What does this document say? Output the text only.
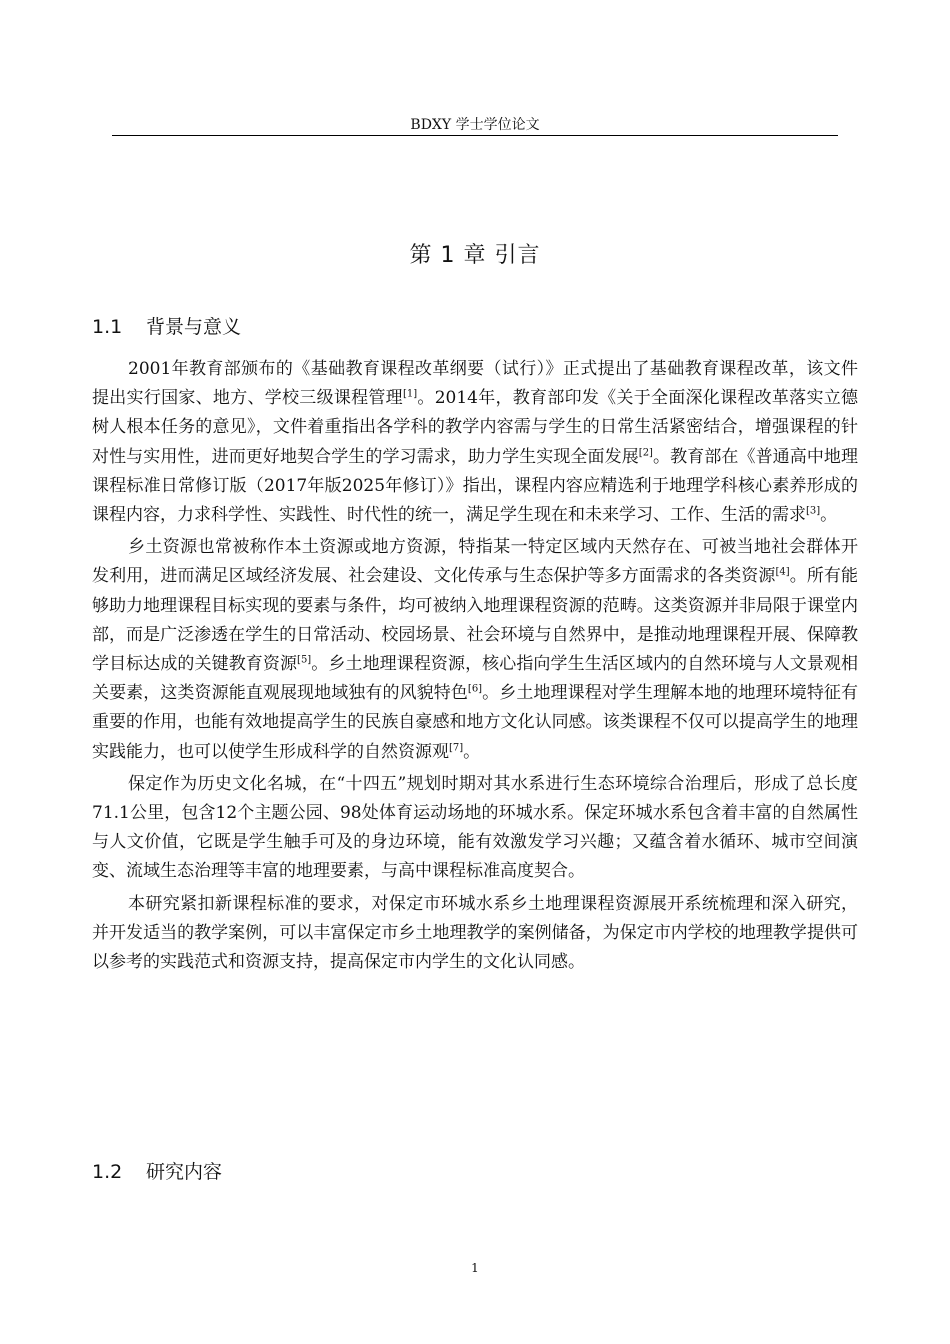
BDXY 学士学位论文
第 1 章 引言
1.1 背景与意义

2001年教育部颁布的《基础教育课程改革纲要（试行）》正式提出了基础教育课程改革，该文件提出实行国家、地方、学校三级课程管理[1]。2014年，教育部印发《关于全面深化课程改革落实立德树人根本任务的意见》，文件着重指出各学科的教学内容需与学生的日常生活紧密结合，增强课程的针对性与实用性，进而更好地契合学生的学习需求，助力学生实现全面发展[2]。教育部在《普通高中地理课程标准日常修订版（2017年版2025年修订）》指出，课程内容应精选利于地理学科核心素养形成的课程内容，力求科学性、实践性、时代性的统一，满足学生现在和未来学习、工作、生活的需求[3]。

乡土资源也常被称作本土资源或地方资源，特指某一特定区域内天然存在、可被当地社会群体开发利用，进而满足区域经济发展、社会建设、文化传承与生态保护等多方面需求的各类资源[4]。所有能够助力地理课程目标实现的要素与条件，均可被纳入地理课程资源的范畴。这类资源并非局限于课堂内部，而是广泛渗透在学生的日常活动、校园场景、社会环境与自然界中，是推动地理课程开展、保障教学目标达成的关键教育资源[5]。乡土地理课程资源，核心指向学生生活区域内的自然环境与人文景观相关要素，这类资源能直观展现地域独有的风貌特色[6]。乡土地理课程对学生理解本地的地理环境特征有重要的作用，也能有效地提高学生的民族自豪感和地方文化认同感。该类课程不仅可以提高学生的地理实践能力，也可以使学生形成科学的自然资源观[7]。

保定作为历史文化名城，在“十四五”规划时期对其水系进行生态环境综合治理后，形成了总长度71.1公里，包含12个主题公园、98处体育运动场地的环城水系。保定环城水系包含着丰富的自然属性与人文价值，它既是学生触手可及的身边环境，能有效激发学习兴趣；又蕴含着水循环、城市空间演变、流域生态治理等丰富的地理要素，与高中课程标准高度契合。

本研究紧扣新课程标准的要求，对保定市环城水系乡土地理课程资源展开系统梳理和深入研究，并开发适当的教学案例，可以丰富保定市乡土地理教学的案例储备，为保定市内学校的地理教学提供可以参考的实践范式和资源支持，提高保定市内学生的文化认同感。

1.2 研究内容
1
